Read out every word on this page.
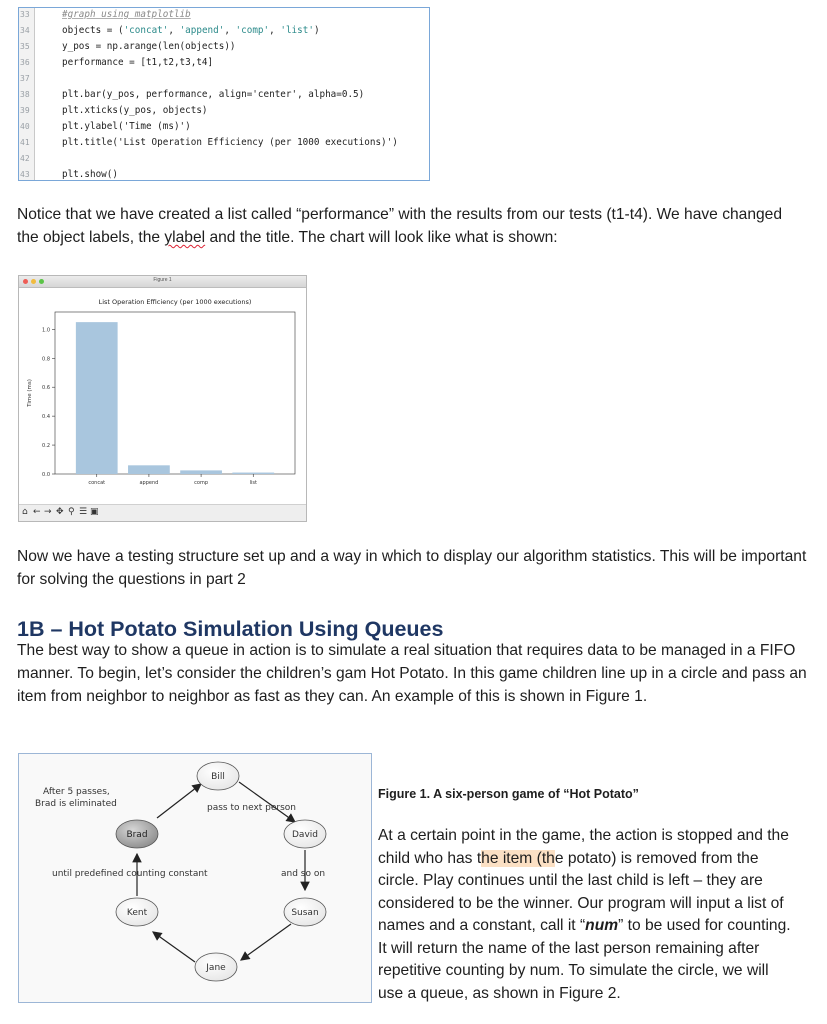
33
34
35
36
37
38
39
40
41
42
43
#graph using matplotlib
objects = ('concat', 'append', 'comp', 'list')
y_pos = np.arange(len(objects))
performance = [t1,t2,t3,t4]
plt.bar(y_pos, performance, align='center', alpha=0.5)
plt.xticks(y_pos, objects)
plt.ylabel('Time (ms)')
plt.title('List Operation Efficiency (per 1000 executions)')
plt.show()
Notice that we have created a list called “performance” with the results from our tests (t1-t4). We have changed the object labels, the ylabel and the title. The chart will look like what is shown:
Figure 1
List Operation Efficiency (per 1000 executions)
0.0
0.2
0.4
0.6
0.8
1.0
concat	append	comp	list
Time (ms)
⌂ ← → ✥ ⚲ ☰ ▣
Now we have a testing structure set up and a way in which to display our algorithm statistics. This will be important for solving the questions in part 2
1B – Hot Potato Simulation Using Queues
The best way to show a queue in action is to simulate a real situation that requires data to be managed in a FIFO manner. To begin, let’s consider the children’s gam Hot Potato. In this game children line up in a circle and pass an item from neighbor to neighbor as fast as they can. An example of this is shown in Figure 1.
Bill
David
Susan
Jane
Kent
Brad
After 5 passes,
Brad is eliminated	pass to next person
and so on
until predefined counting constant
Figure 1. A six-person game of “Hot Potato”
At a certain point in the game, the action is stopped and the child who has the item (the potato) is removed from the circle. Play continues until the last child is left – they are considered to be the winner. Our program will input a list of names and a constant, call it “num” to be used for counting. It will return the name of the last person remaining after repetitive counting by num. To simulate the circle, we will use a queue, as shown in Figure 2.
